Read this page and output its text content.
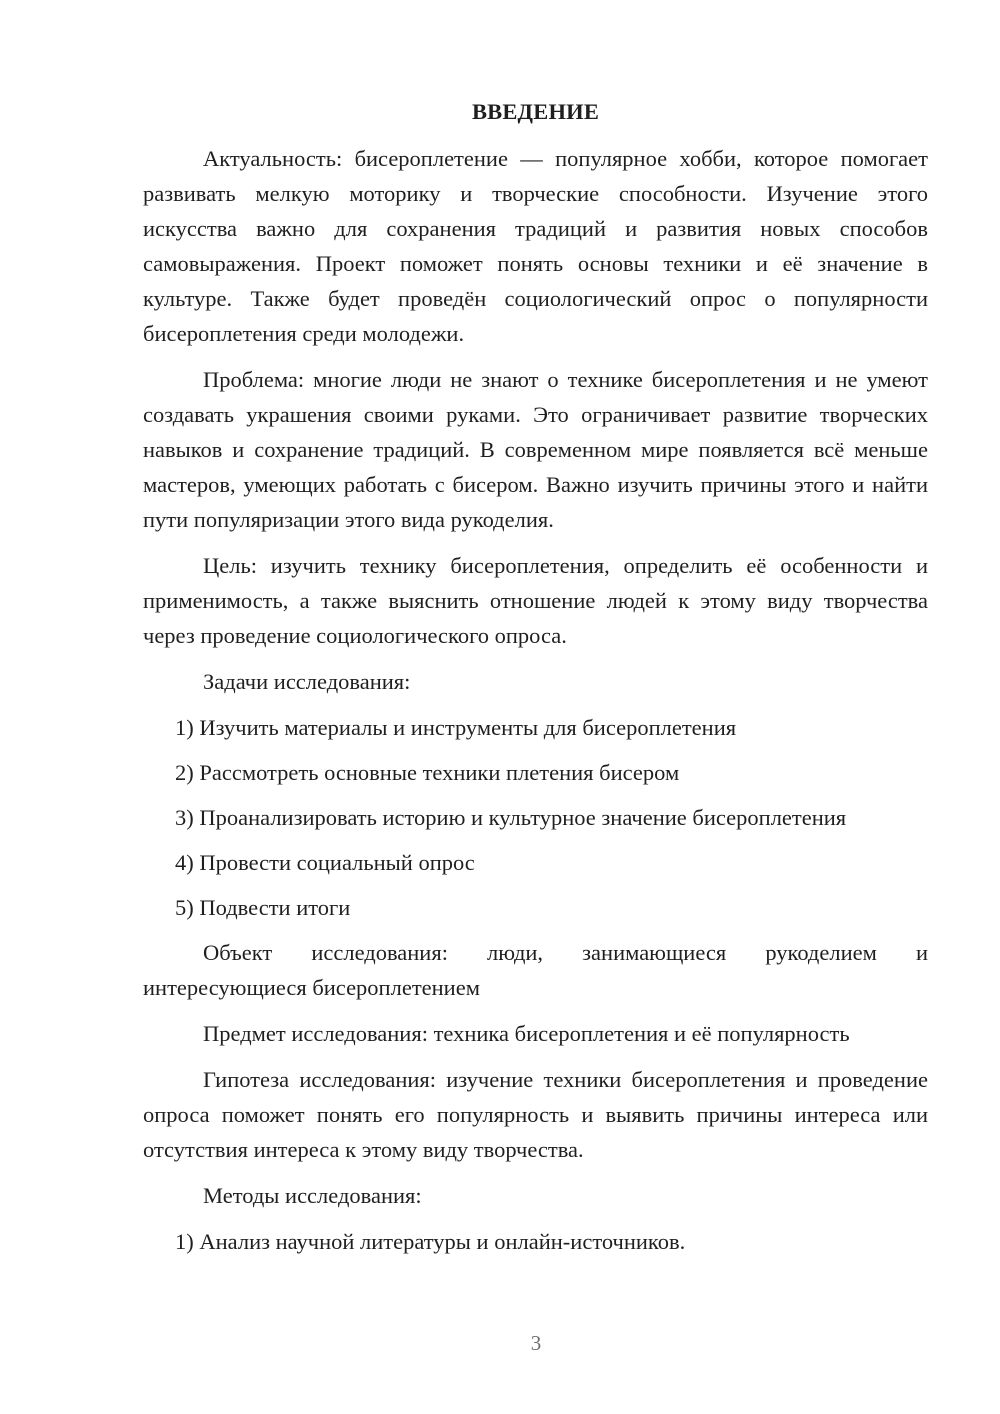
ВВЕДЕНИЕ

Актуальность: бисероплетение — популярное хобби, которое помогает развивать мелкую моторику и творческие способности. Изучение этого искусства важно для сохранения традиций и развития новых способов самовыражения. Проект поможет понять основы техники и её значение в культуре. Также будет проведён социологический опрос о популярности бисероплетения среди молодежи.

Проблема: многие люди не знают о технике бисероплетения и не умеют создавать украшения своими руками. Это ограничивает развитие творческих навыков и сохранение традиций. В современном мире появляется всё меньше мастеров, умеющих работать с бисером. Важно изучить причины этого и найти пути популяризации этого вида рукоделия.

Цель: изучить технику бисероплетения, определить её особенности и применимость, а также выяснить отношение людей к этому виду творчества через проведение социологического опроса.

Задачи исследования:

1) Изучить материалы и инструменты для бисероплетения
2) Рассмотреть основные техники плетения бисером
3) Проанализировать историю и культурное значение бисероплетения
4) Провести социальный опрос
5) Подвести итоги

Объект исследования: люди, занимающиеся рукоделием и интересующиеся бисероплетением

Предмет исследования: техника бисероплетения и её популярность

Гипотеза исследования: изучение техники бисероплетения и проведение опроса поможет понять его популярность и выявить причины интереса или отсутствия интереса к этому виду творчества.

Методы исследования:

1) Анализ научной литературы и онлайн-источников.
3
